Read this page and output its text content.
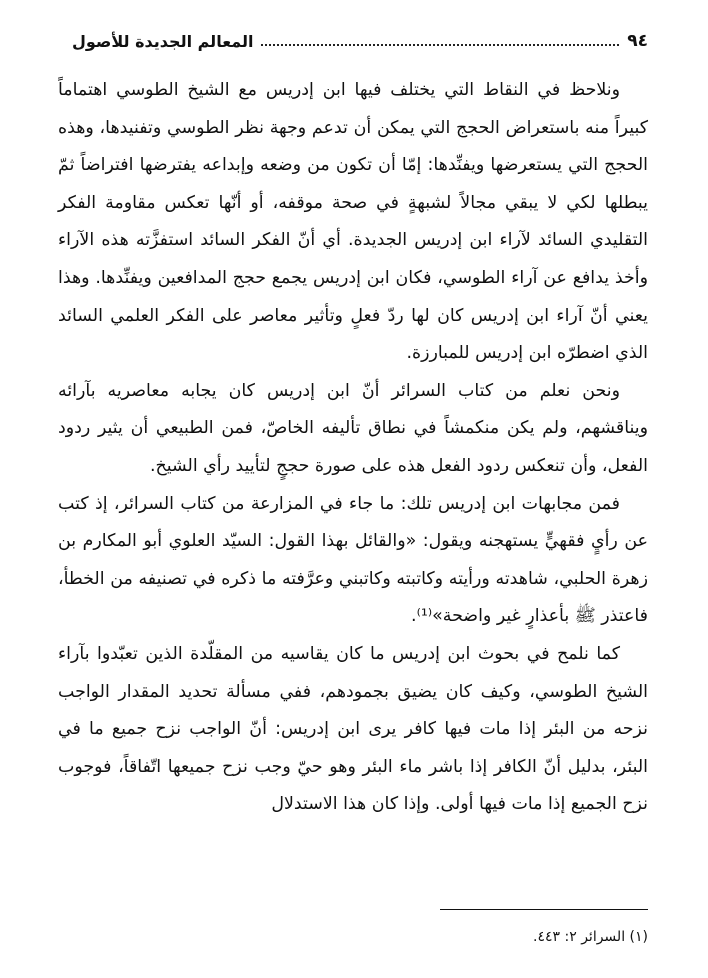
٩٤
المعالم الجديدة للأصول

ونلاحظ في النقاط التي يختلف فيها ابن إدريس مع الشيخ الطوسي اهتماماً كبيراً منه باستعراض الحجج التي يمكن أن تدعم وجهة نظر الطوسي وتفنيدها، وهذه الحجج التي يستعرضها ويفنِّدها: إمّا أن تكون من وضعه وإبداعه يفترضها افتراضاً ثمّ يبطلها لكي لا يبقي مجالاً لشبهةٍ في صحة موقفه، أو أنّها تعكس مقاومة الفكر التقليدي السائد لآراء ابن إدريس الجديدة. أي أنّ الفكر السائد استفزَّته هذه الآراء وأخذ يدافع عن آراء الطوسي، فكان ابن إدريس يجمع حجج المدافعين ويفنِّدها. وهذا يعني أنّ آراء ابن إدريس كان لها ردّ فعلٍ وتأثير معاصر على الفكر العلمي السائد الذي اضطرّه ابن إدريس للمبارزة.

ونحن نعلم من كتاب السرائر أنّ ابن إدريس كان يجابه معاصريه بآرائه ويناقشهم، ولم يكن منكمشاً في نطاق تأليفه الخاصّ، فمن الطبيعي أن يثير ردود الفعل، وأن تنعكس ردود الفعل هذه على صورة حججٍ لتأييد رأي الشيخ.

فمن مجابهات ابن إدريس تلك: ما جاء في المزارعة من كتاب السرائر، إذ كتب عن رأيٍ فقهيٍّ يستهجنه ويقول: «والقائل بهذا القول: السيّد العلوي أبو المكارم بن زهرة الحلبي، شاهدته ورأيته وكاتبته وكاتبني وعرَّفته ما ذكره في تصنيفه من الخطأ، فاعتذر ﷺ بأعذارٍ غير واضحة»⁽¹⁾.

كما نلمح في بحوث ابن إدريس ما كان يقاسيه من المقلّدة الذين تعبّدوا بآراء الشيخ الطوسي، وكيف كان يضيق بجمودهم، ففي مسألة تحديد المقدار الواجب نزحه من البئر إذا مات فيها كافر يرى ابن إدريس: أنّ الواجب نزح جميع ما في البئر، بدليل أنّ الكافر إذا باشر ماء البئر وهو حيّ وجب نزح جميعها اتّفاقاً، فوجوب نزح الجميع إذا مات فيها أولى. وإذا كان هذا الاستدلال

(١) السرائر ٢: ٤٤٣.
